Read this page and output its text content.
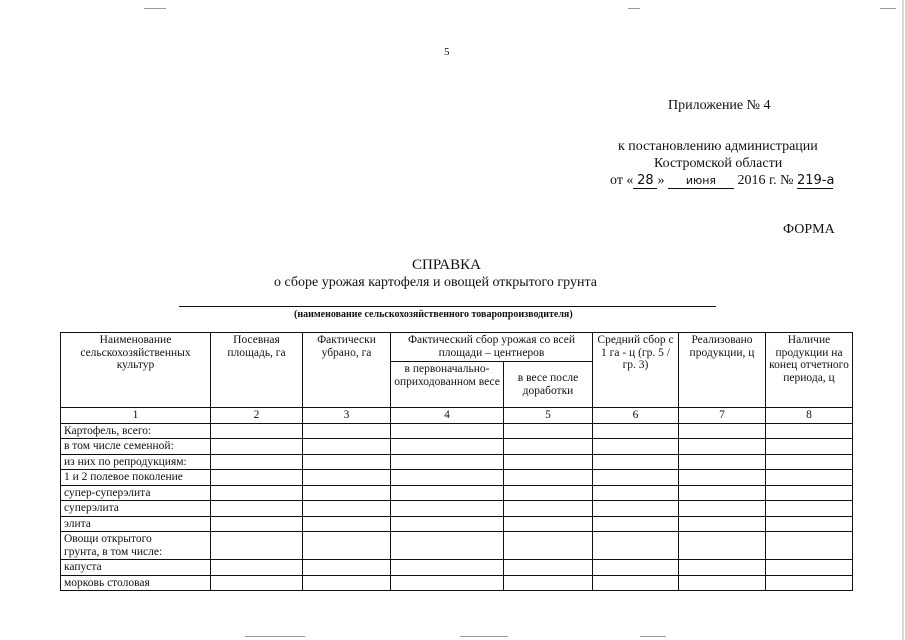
5
Приложение № 4
к постановлению администрации
Костромской области
от « 28 » июня 2016 г. № 219-а
ФОРМА
СПРАВКА
о сборе урожая картофеля и овощей открытого грунта
(наименование сельскохозяйственного товаропроизводителя)
Наименование сельскохозяйственных культур	Посевная площадь, га	Фактически убрано, га	Фактический сбор урожая со всей площади – центнеров		Средний сбор с 1 га - ц (гр. 5 / гр. 3)	Реализовано продукции, ц	Наличие продукции на конец отчетного периода, ц
			в первоначально-оприходованном весе	в весе после доработки			
1	2	3	4	5	6	7	8
Картофель, всего:							
в том числе семенной:							
из них по репродукциям:							
1 и 2 полевое поколение							
супер-суперэлита							
суперэлита							
элита							
Овощи открытого грунта, в том числе:							
капуста							
морковь столовая							
